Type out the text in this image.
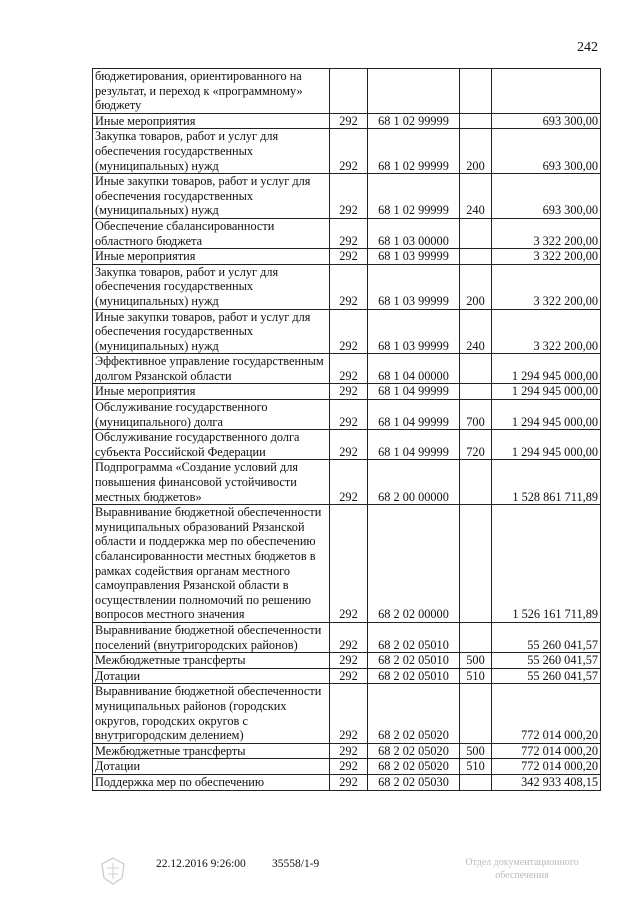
242
бюджетирования, ориентированного на результат, и переход к «программному» бюджету				
Иные мероприятия	292	68 1 02 99999		693 300,00
Закупка товаров, работ и услуг для обеспечения государственных (муниципальных) нужд	292	68 1 02 99999	200	693 300,00
Иные закупки товаров, работ и услуг для обеспечения государственных (муниципальных) нужд	292	68 1 02 99999	240	693 300,00
Обеспечение сбалансированности областного бюджета	292	68 1 03 00000		3 322 200,00
Иные мероприятия	292	68 1 03 99999		3 322 200,00
Закупка товаров, работ и услуг для обеспечения государственных (муниципальных) нужд	292	68 1 03 99999	200	3 322 200,00
Иные закупки товаров, работ и услуг для обеспечения государственных (муниципальных) нужд	292	68 1 03 99999	240	3 322 200,00
Эффективное управление государственным долгом Рязанской области	292	68 1 04 00000		1 294 945 000,00
Иные мероприятия	292	68 1 04 99999		1 294 945 000,00
Обслуживание государственного (муниципального) долга	292	68 1 04 99999	700	1 294 945 000,00
Обслуживание государственного долга субъекта Российской Федерации	292	68 1 04 99999	720	1 294 945 000,00
Подпрограмма «Создание условий для повышения финансовой устойчивости местных бюджетов»	292	68 2 00 00000		1 528 861 711,89
Выравнивание бюджетной обеспеченности муниципальных образований Рязанской области и поддержка мер по обеспечению сбалансированности местных бюджетов в рамках содействия органам местного самоуправления Рязанской области в осуществлении полномочий по решению вопросов местного значения	292	68 2 02 00000		1 526 161 711,89
Выравнивание бюджетной обеспеченности поселений (внутригородских районов)	292	68 2 02 05010		55 260 041,57
Межбюджетные трансферты	292	68 2 02 05010	500	55 260 041,57
Дотации	292	68 2 02 05010	510	55 260 041,57
Выравнивание бюджетной обеспеченности муниципальных районов (городских округов, городских округов с внутригородским делением)	292	68 2 02 05020		772 014 000,20
Межбюджетные трансферты	292	68 2 02 05020	500	772 014 000,20
Дотации	292	68 2 02 05020	510	772 014 000,20
Поддержка мер по обеспечению	292	68 2 02 05030		342 933 408,15
22.12.2016 9:26:00 35558/1-9	Отдел документационного обеспечения
